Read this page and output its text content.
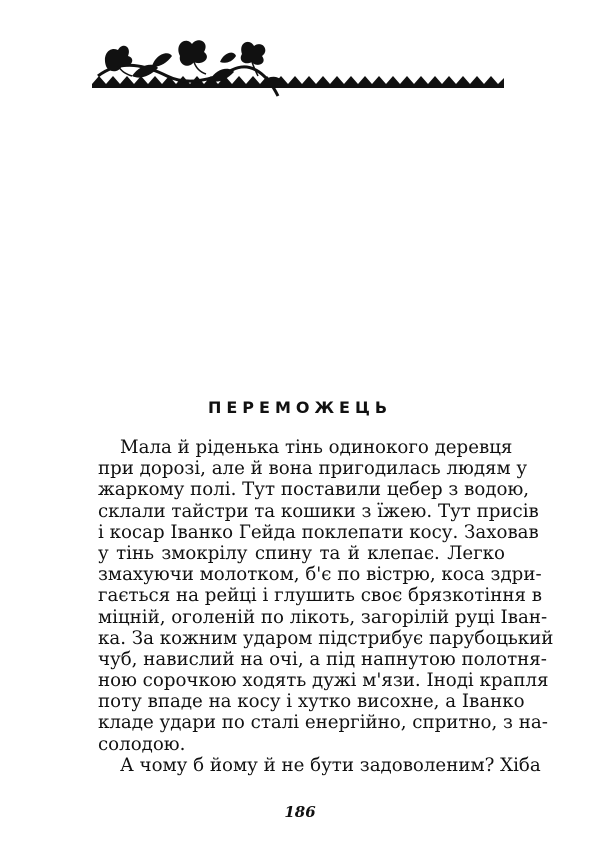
ПЕРЕМОЖЕЦЬ
Мала й ріденька тінь одинокого деревця
при дорозі, але й вона пригодилась людям у
жаркому полі. Тут поставили цебер з водою,
склали тайстри та кошики з їжею. Тут присів
і косар Іванко Гейда поклепати косу. Заховав
у тінь змокрілу спину та й клепає. Легко
змахуючи молотком, б'є по вістрю, коса здри-
гається на рейці і глушить своє брязкотіння в
міцній, оголеній по лікоть, загорілій руці Іван-
ка. За кожним ударом підстрибує парубоцький
чуб, навислий на очі, а під напнутою полотня-
ною сорочкою ходять дужі м'язи. Іноді крапля
поту впаде на косу і хутко висохне, а Іванко
кладе удари по сталі енергійно, спритно, з на-
солодою.
А чому б йому й не бути задоволеним? Хіба
186
